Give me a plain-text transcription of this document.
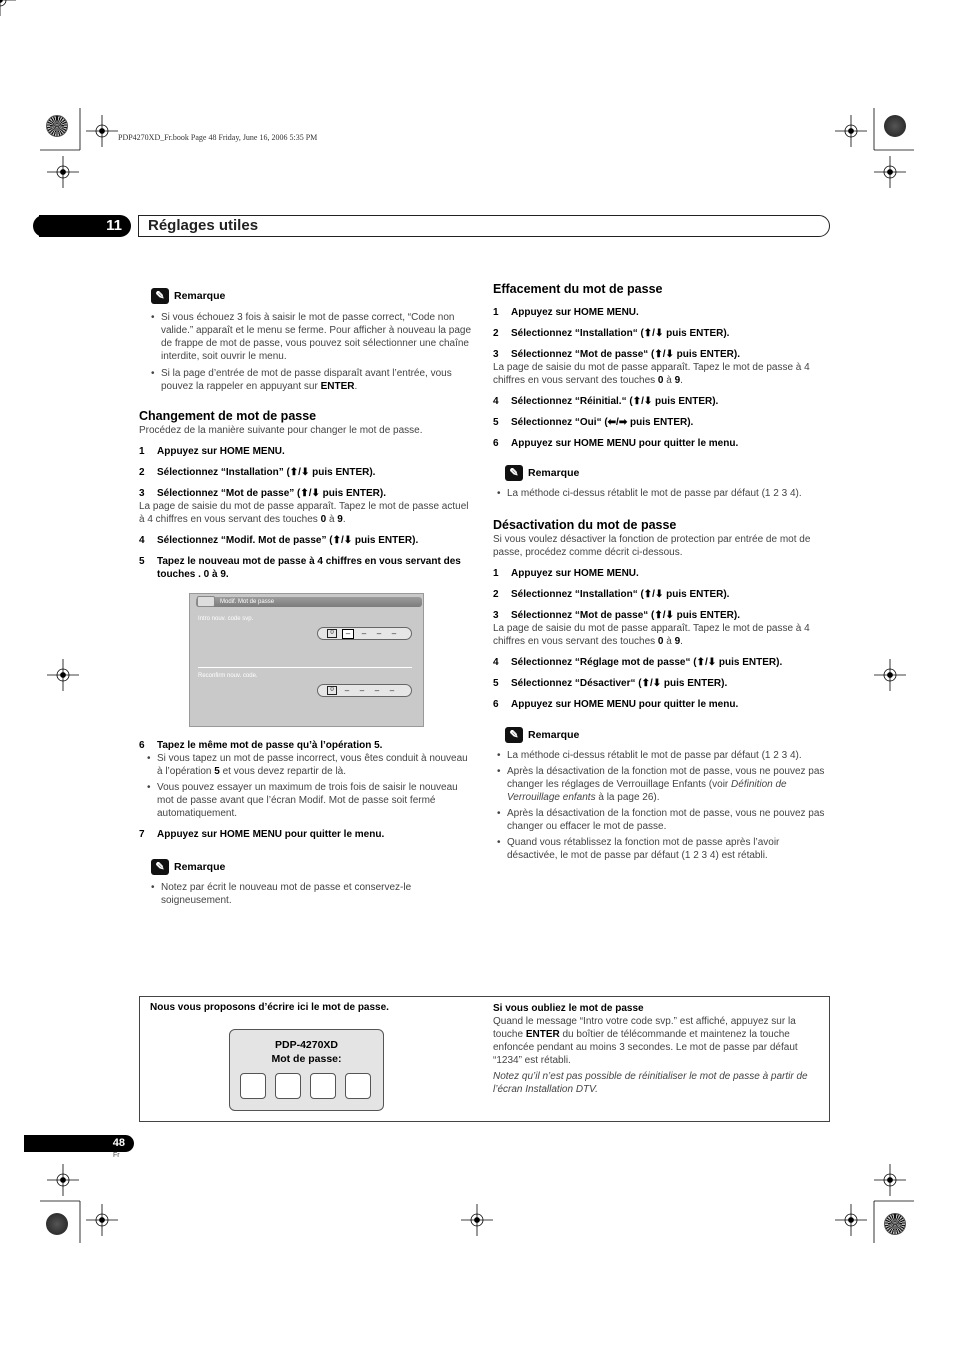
PDP4270XD_Fr.book Page 48 Friday, June 16, 2006 5:35 PM
11	Réglages utiles
✎ Remarque
• Si vous échouez 3 fois à saisir le mot de passe correct, “Code non valide.” apparaît et le menu se ferme. Pour afficher à nouveau la page de frappe de mot de passe, vous pouvez soit sélectionner une chaîne interdite, soit ouvrir le menu.
• Si la page d’entrée de mot de passe disparaît avant l’entrée, vous pouvez la rappeler en appuyant sur ENTER.
Changement de mot de passe
Procédez de la manière suivante pour changer le mot de passe.
1	Appuyez sur HOME MENU.
2	Sélectionnez “Installation” (⬆/⬇ puis ENTER).
3	Sélectionnez “Mot de passe” (⬆/⬇ puis ENTER).
La page de saisie du mot de passe apparaît. Tapez le mot de passe actuel à 4 chiffres en vous servant des touches 0 à 9.
4	Sélectionnez “Modif. Mot de passe” (⬆/⬇ puis ENTER).
5	Tapez le nouveau mot de passe à 4 chiffres en vous servant des touches . 0 à 9.
Modif. Mot de passe
Intro nouv. code svp.
0	–	–	–	–
Reconfirm nouv. code.
0	–	–	–	–
6	Tapez le même mot de passe qu’à l’opération 5.
• Si vous tapez un mot de passe incorrect, vous êtes conduit à nouveau à l’opération 5 et vous devez repartir de là.
• Vous pouvez essayer un maximum de trois fois de saisir le nouveau mot de passe avant que l’écran Modif. Mot de passe soit fermé automatiquement.
7	Appuyez sur HOME MENU pour quitter le menu.
✎ Remarque
• Notez par écrit le nouveau mot de passe et conservez-le soigneusement.
Effacement du mot de passe
1	Appuyez sur HOME MENU.
2	Sélectionnez “Installation“ (⬆/⬇ puis ENTER).
3	Sélectionnez “Mot de passe“ (⬆/⬇ puis ENTER).
La page de saisie du mot de passe apparaît. Tapez le mot de passe à 4 chiffres en vous servant des touches 0 à 9.
4	Sélectionnez “Réinitial.“ (⬆/⬇ puis ENTER).
5	Sélectionnez “Oui“ (⬅/➡ puis ENTER).
6	Appuyez sur HOME MENU pour quitter le menu.
✎ Remarque
• La méthode ci-dessus rétablit le mot de passe par défaut (1 2 3 4).
Désactivation du mot de passe
Si vous voulez désactiver la fonction de protection par entrée de mot de passe, procédez comme décrit ci-dessous.
1	Appuyez sur HOME MENU.
2	Sélectionnez “Installation“ (⬆/⬇ puis ENTER).
3	Sélectionnez “Mot de passe“ (⬆/⬇ puis ENTER).
La page de saisie du mot de passe apparaît. Tapez le mot de passe à 4 chiffres en vous servant des touches 0 à 9.
4	Sélectionnez “Réglage mot de passe“ (⬆/⬇ puis ENTER).
5	Sélectionnez “Désactiver“ (⬆/⬇ puis ENTER).
6	Appuyez sur HOME MENU pour quitter le menu.
✎ Remarque
• La méthode ci-dessus rétablit le mot de passe par défaut (1 2 3 4).
• Après la désactivation de la fonction mot de passe, vous ne pouvez pas changer les réglages de Verrouillage Enfants (voir Définition de Verrouillage enfants à la page 26).
• Après la désactivation de la fonction mot de passe, vous ne pouvez pas changer ou effacer le mot de passe.
• Quand vous rétablissez la fonction mot de passe après l’avoir désactivée, le mot de passe par défaut (1 2 3 4) est rétabli.
Nous vous proposons d’écrire ici le mot de passe.
PDP-4270XD
Mot de passe:
Si vous oubliez le mot de passe
Quand le message “Intro votre code svp.” est affiché, appuyez sur la touche ENTER du boîtier de télécommande et maintenez la touche enfoncée pendant au moins 3 secondes. Le mot de passe par défaut “1234” est rétabli.
Notez qu’il n’est pas possible de réinitialiser le mot de passe à partir de l’écran Installation DTV.
48
Fr
